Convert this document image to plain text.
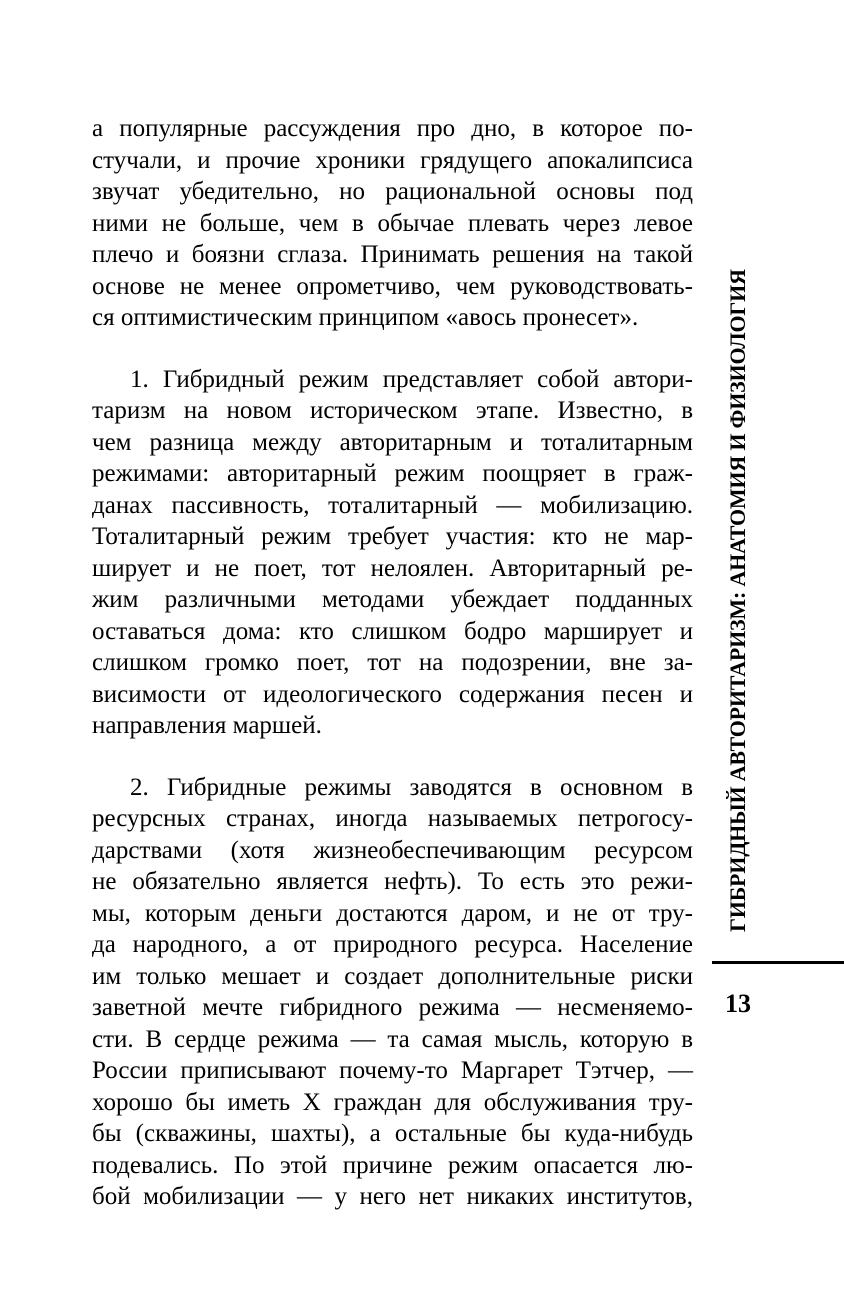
а популярные рассуждения про дно, в которое по-
стучали, и прочие хроники грядущего апокалипсиса
звучат убедительно, но рациональной основы под
ними не больше, чем в обычае плевать через левое
плечо и боязни сглаза. Принимать решения на такой
основе не менее опрометчиво, чем руководствовать-
ся оптимистическим принципом «авось пронесет».
1. Гибридный режим представляет собой автори-
таризм на новом историческом этапе. Известно, в
чем разница между авторитарным и тоталитарным
режимами: авторитарный режим поощряет в граж-
данах пассивность, тоталитарный — мобилизацию.
Тоталитарный режим требует участия: кто не мар-
ширует и не поет, тот нелоялен. Авторитарный ре-
жим различными методами убеждает подданных
оставаться дома: кто слишком бодро марширует и
слишком громко поет, тот на подозрении, вне за-
висимости от идеологического содержания песен и
направления маршей.
2. Гибридные режимы заводятся в основном в
ресурсных странах, иногда называемых петрогосу-
дарствами (хотя жизнеобеспечивающим ресурсом
не обязательно является нефть). То есть это режи-
мы, которым деньги достаются даром, и не от тру-
да народного, а от природного ресурса. Население
им только мешает и создает дополнительные риски
заветной мечте гибридного режима — несменяемо-
сти. В сердце режима — та самая мысль, которую в
России приписывают почему-то Маргарет Тэтчер, —
хорошо бы иметь X граждан для обслуживания тру-
бы (скважины, шахты), а остальные бы куда-нибудь
подевались. По этой причине режим опасается лю-
бой мобилизации — у него нет никаких институтов,
ГИБРИДНЫЙ АВТОРИТАРИЗМ: АНАТОМИЯ И ФИЗИОЛОГИЯ
13
